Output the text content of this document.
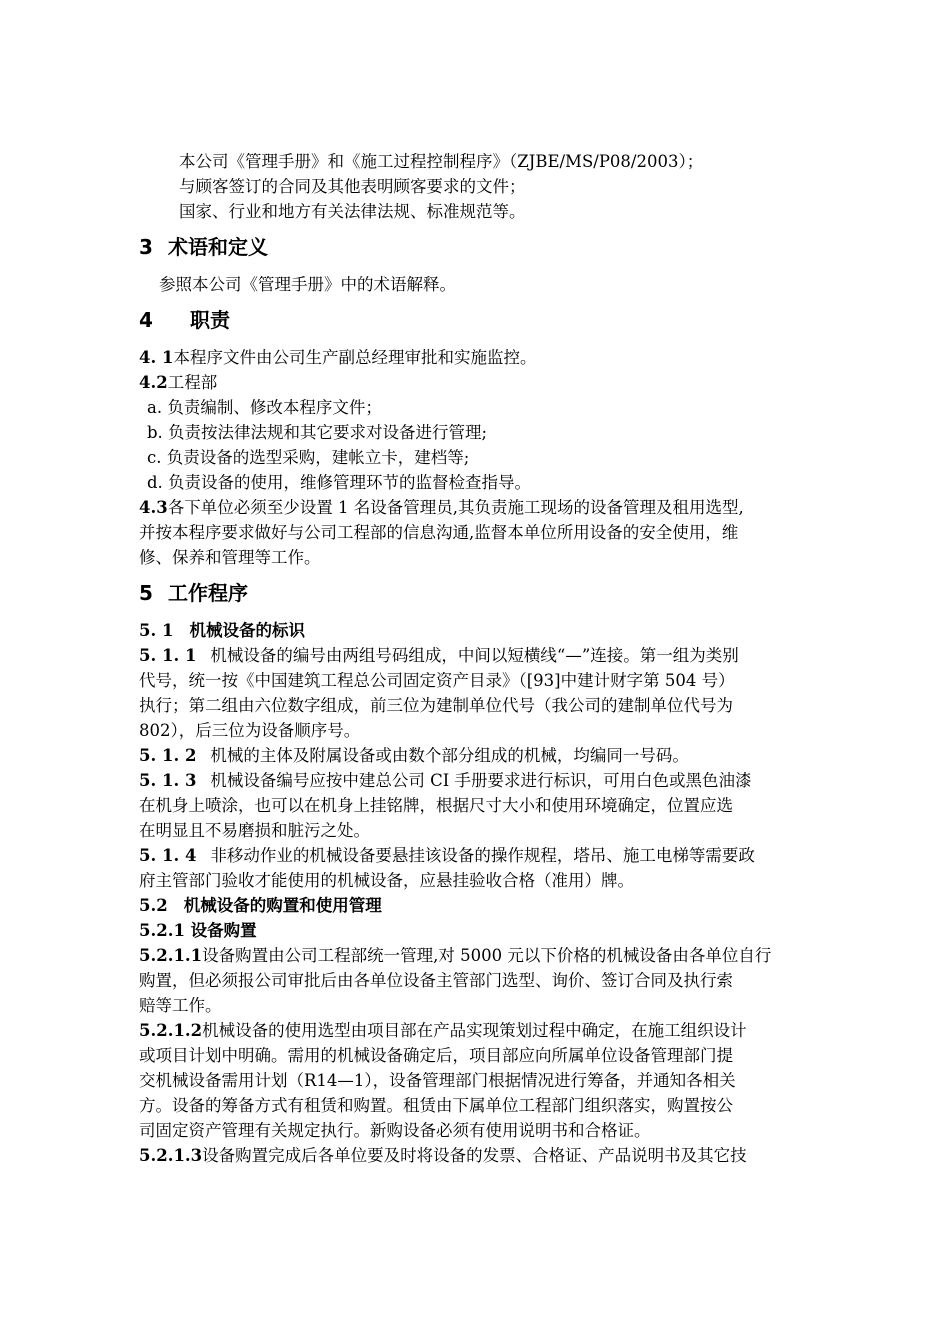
本公司《管理手册》和《施工过程控制程序》（ZJBE/MS/P08/2003）；
与顾客签订的合同及其他表明顾客要求的文件；
国家、行业和地方有关法律法规、标准规范等。
3 术语和定义
参照本公司《管理手册》中的术语解释。
4 职责
4. 1本程序文件由公司生产副总经理审批和实施监控。
4.2工程部
a. 负责编制、修改本程序文件；
b. 负责按法律法规和其它要求对设备进行管理;
c. 负责设备的选型采购，建帐立卡，建档等;
d. 负责设备的使用，维修管理环节的监督检查指导。
4.3各下单位必须至少设置 1 名设备管理员,其负责施工现场的设备管理及租用选型,
并按本程序要求做好与公司工程部的信息沟通,监督本单位所用设备的安全使用，维
修、保养和管理等工作。
5 工作程序
5. 1 机械设备的标识
5. 1. 1 机械设备的编号由两组号码组成，中间以短横线“—”连接。第一组为类别
代号，统一按《中国建筑工程总公司固定资产目录》（[93]中建计财字第 504 号）
执行；第二组由六位数字组成，前三位为建制单位代号（我公司的建制单位代号为
802），后三位为设备顺序号。
5. 1. 2 机械的主体及附属设备或由数个部分组成的机械，均编同一号码。
5. 1. 3 机械设备编号应按中建总公司 CI 手册要求进行标识，可用白色或黑色油漆
在机身上喷涂，也可以在机身上挂铭牌，根据尺寸大小和使用环境确定，位置应选
在明显且不易磨损和脏污之处。
5. 1. 4 非移动作业的机械设备要悬挂该设备的操作规程，塔吊、施工电梯等需要政
府主管部门验收才能使用的机械设备，应悬挂验收合格（准用）牌。
5.2 机械设备的购置和使用管理
5.2.1 设备购置
5.2.1.1设备购置由公司工程部统一管理,对 5000 元以下价格的机械设备由各单位自行
购置，但必须报公司审批后由各单位设备主管部门选型、询价、签订合同及执行索
赔等工作。
5.2.1.2机械设备的使用选型由项目部在产品实现策划过程中确定，在施工组织设计
或项目计划中明确。需用的机械设备确定后，项目部应向所属单位设备管理部门提
交机械设备需用计划（R14—1），设备管理部门根据情况进行筹备，并通知各相关
方。设备的筹备方式有租赁和购置。租赁由下属单位工程部门组织落实，购置按公
司固定资产管理有关规定执行。新购设备必须有使用说明书和合格证。
5.2.1.3设备购置完成后各单位要及时将设备的发票、合格证、产品说明书及其它技
